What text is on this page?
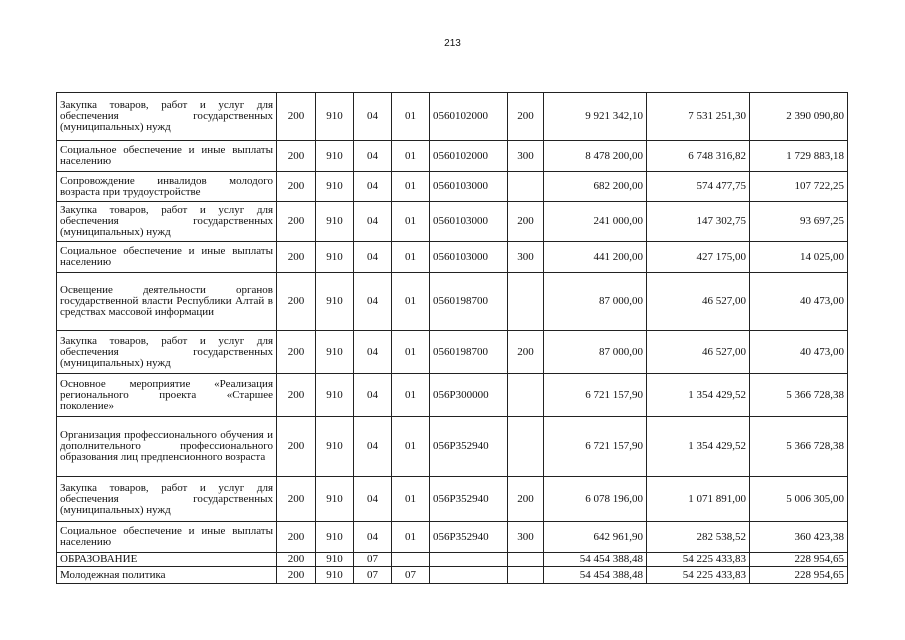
213
Закупка товаров, работ и услуг для обеспечения государственных (муниципальных) нужд	200	910	04	01	0560102000	200	9 921 342,10	7 531 251,30	2 390 090,80
Социальное обеспечение и иные выплаты населению	200	910	04	01	0560102000	300	8 478 200,00	6 748 316,82	1 729 883,18
Сопровождение инвалидов молодого возраста при трудоустройстве	200	910	04	01	0560103000		682 200,00	574 477,75	107 722,25
Закупка товаров, работ и услуг для обеспечения государственных (муниципальных) нужд	200	910	04	01	0560103000	200	241 000,00	147 302,75	93 697,25
Социальное обеспечение и иные выплаты населению	200	910	04	01	0560103000	300	441 200,00	427 175,00	14 025,00
Освещение деятельности органов государственной власти Республики Алтай в средствах массовой информации	200	910	04	01	0560198700		87 000,00	46 527,00	40 473,00
Закупка товаров, работ и услуг для обеспечения государственных (муниципальных) нужд	200	910	04	01	0560198700	200	87 000,00	46 527,00	40 473,00
Основное мероприятие «Реализация регионального проекта «Старшее поколение»	200	910	04	01	056Р300000		6 721 157,90	1 354 429,52	5 366 728,38
Организация профессионального обучения и дополнительного профессионального образования лиц предпенсионного возраста	200	910	04	01	056Р352940		6 721 157,90	1 354 429,52	5 366 728,38
Закупка товаров, работ и услуг для обеспечения государственных (муниципальных) нужд	200	910	04	01	056Р352940	200	6 078 196,00	1 071 891,00	5 006 305,00
Социальное обеспечение и иные выплаты населению	200	910	04	01	056Р352940	300	642 961,90	282 538,52	360 423,38
ОБРАЗОВАНИЕ	200	910	07				54 454 388,48	54 225 433,83	228 954,65
Молодежная политика	200	910	07	07			54 454 388,48	54 225 433,83	228 954,65
